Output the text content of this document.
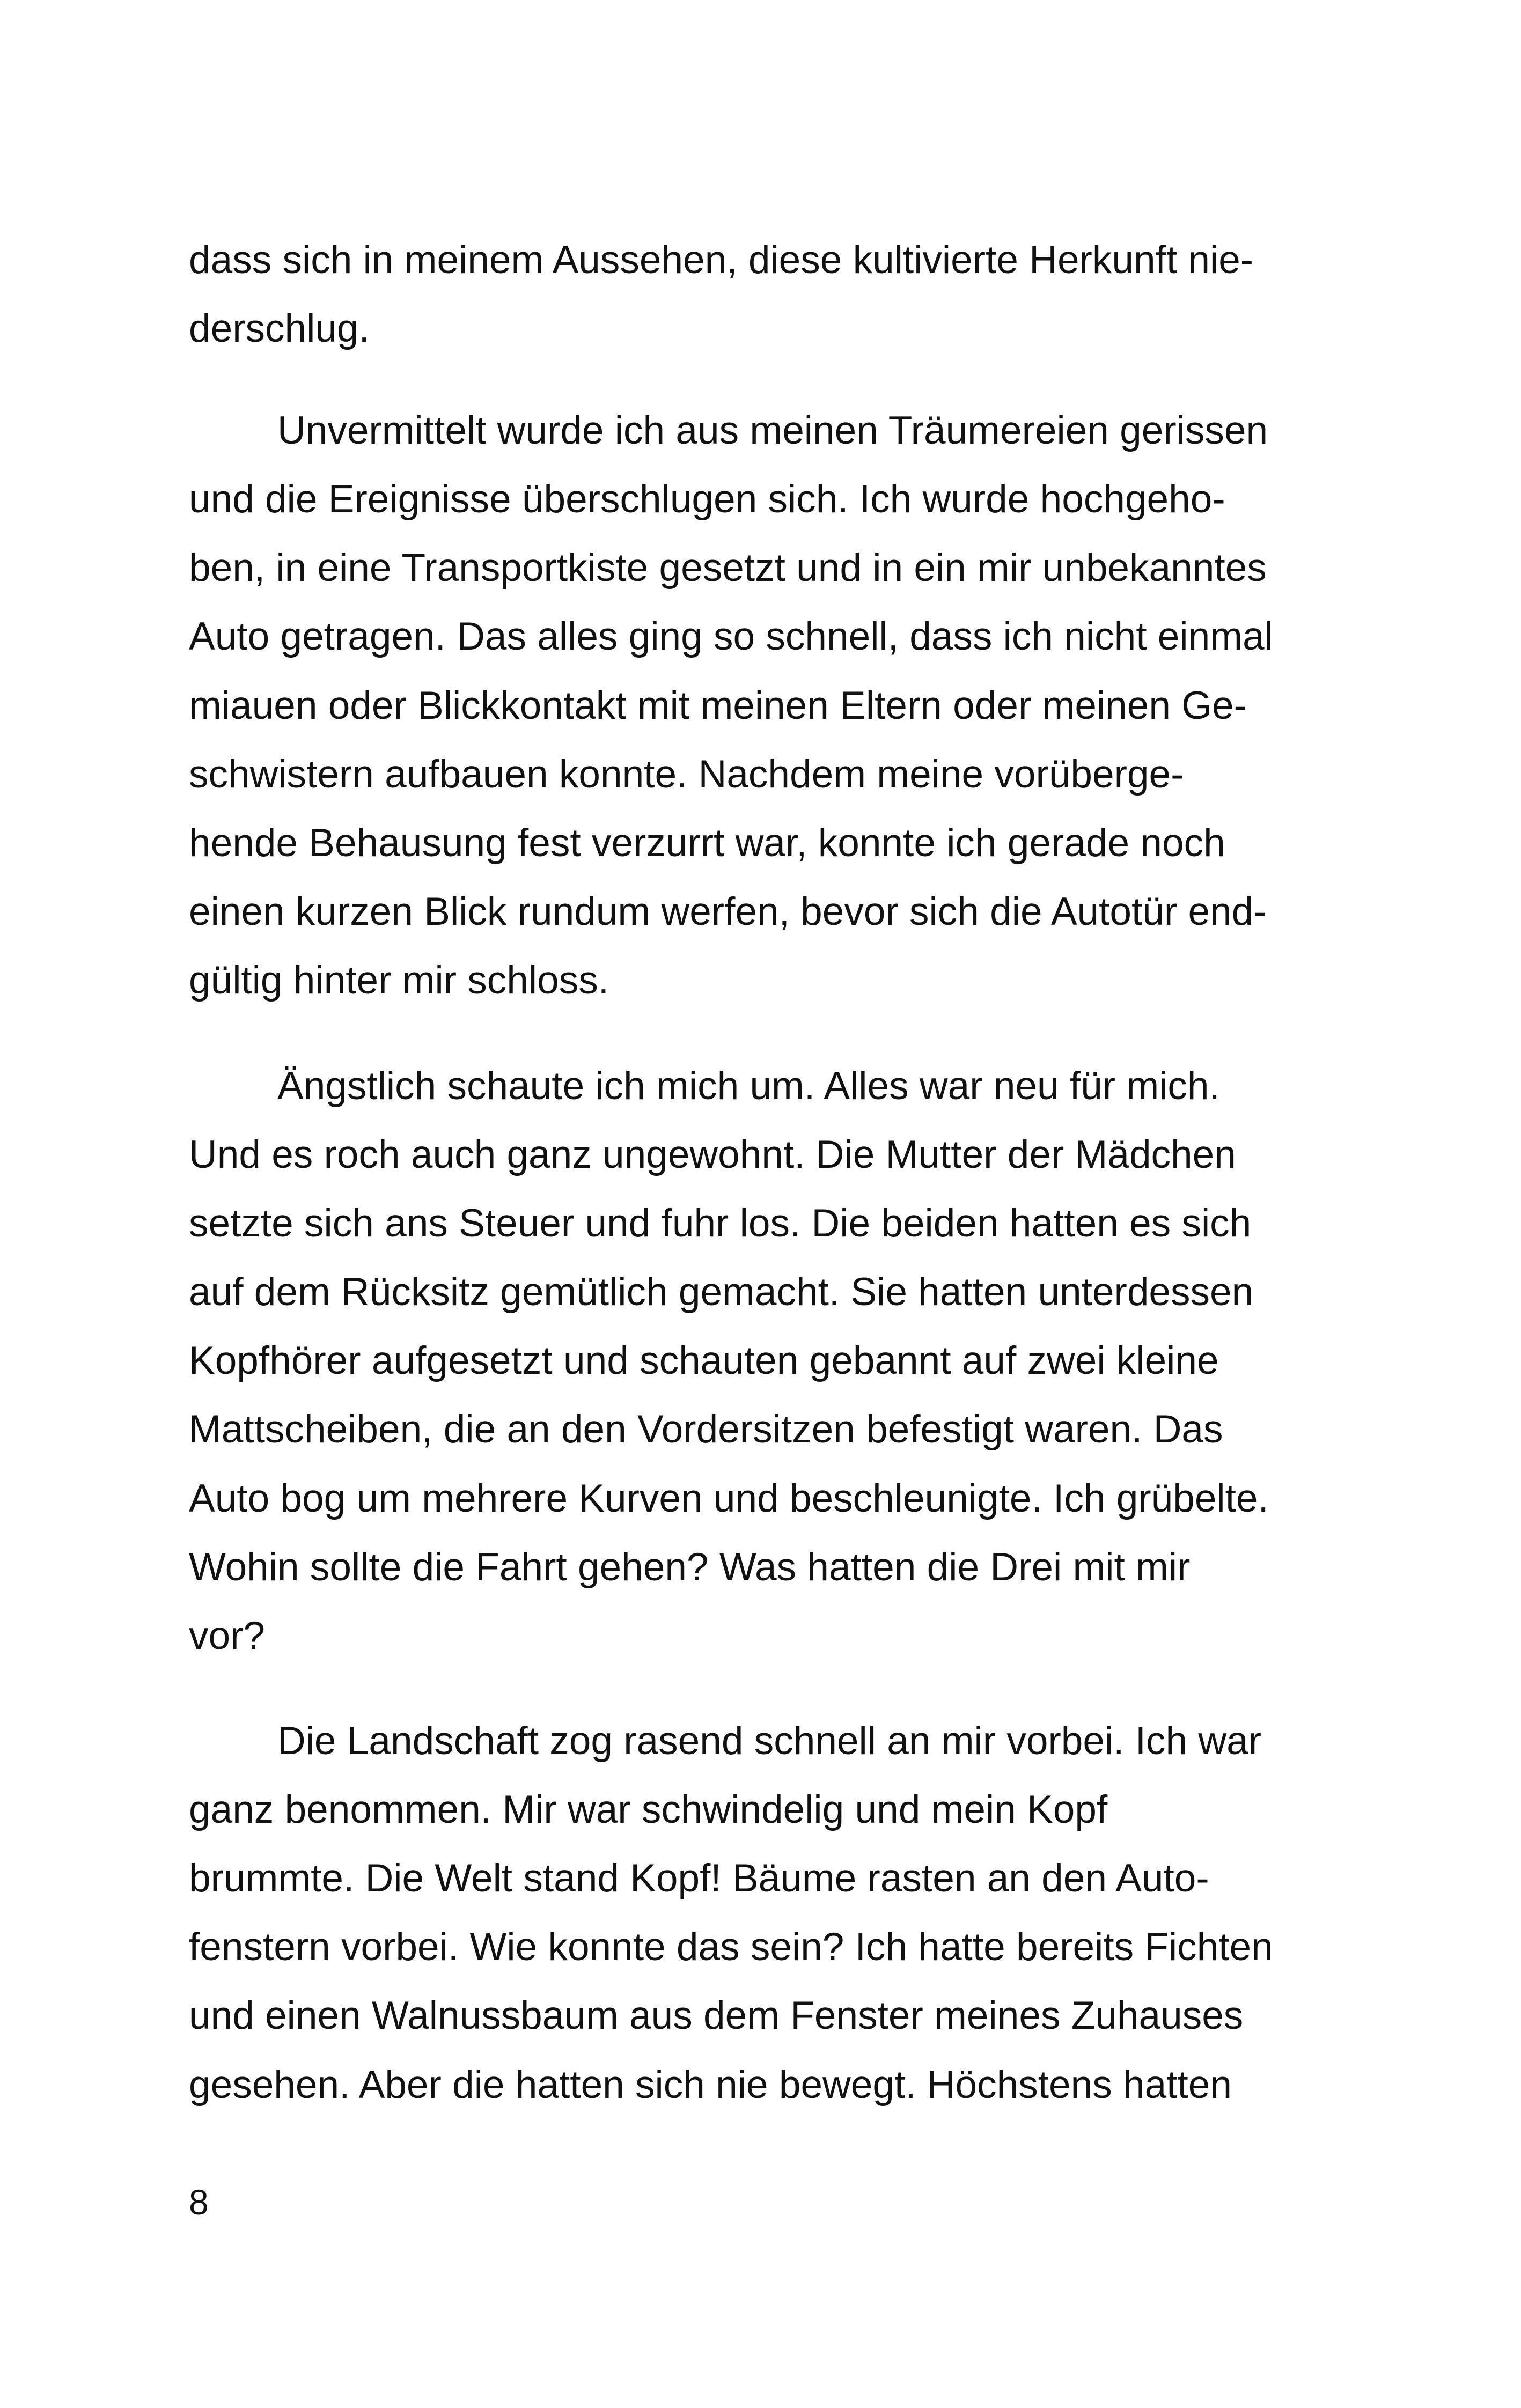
dass sich in meinem Aussehen, diese kultivierte Herkunft nie-
derschlug.
Unvermittelt wurde ich aus meinen Träumereien gerissen
und die Ereignisse überschlugen sich. Ich wurde hochgeho-
ben, in eine Transportkiste gesetzt und in ein mir unbekanntes
Auto getragen. Das alles ging so schnell, dass ich nicht einmal
miauen oder Blickkontakt mit meinen Eltern oder meinen Ge-
schwistern aufbauen konnte. Nachdem meine vorüberge-
hende Behausung fest verzurrt war, konnte ich gerade noch
einen kurzen Blick rundum werfen, bevor sich die Autotür end-
gültig hinter mir schloss.
Ängstlich schaute ich mich um. Alles war neu für mich.
Und es roch auch ganz ungewohnt. Die Mutter der Mädchen
setzte sich ans Steuer und fuhr los. Die beiden hatten es sich
auf dem Rücksitz gemütlich gemacht. Sie hatten unterdessen
Kopfhörer aufgesetzt und schauten gebannt auf zwei kleine
Mattscheiben, die an den Vordersitzen befestigt waren. Das
Auto bog um mehrere Kurven und beschleunigte. Ich grübelte.
Wohin sollte die Fahrt gehen? Was hatten die Drei mit mir
vor?
Die Landschaft zog rasend schnell an mir vorbei. Ich war
ganz benommen. Mir war schwindelig und mein Kopf
brummte. Die Welt stand Kopf! Bäume rasten an den Auto-
fenstern vorbei. Wie konnte das sein? Ich hatte bereits Fichten
und einen Walnussbaum aus dem Fenster meines Zuhauses
gesehen. Aber die hatten sich nie bewegt. Höchstens hatten
8
